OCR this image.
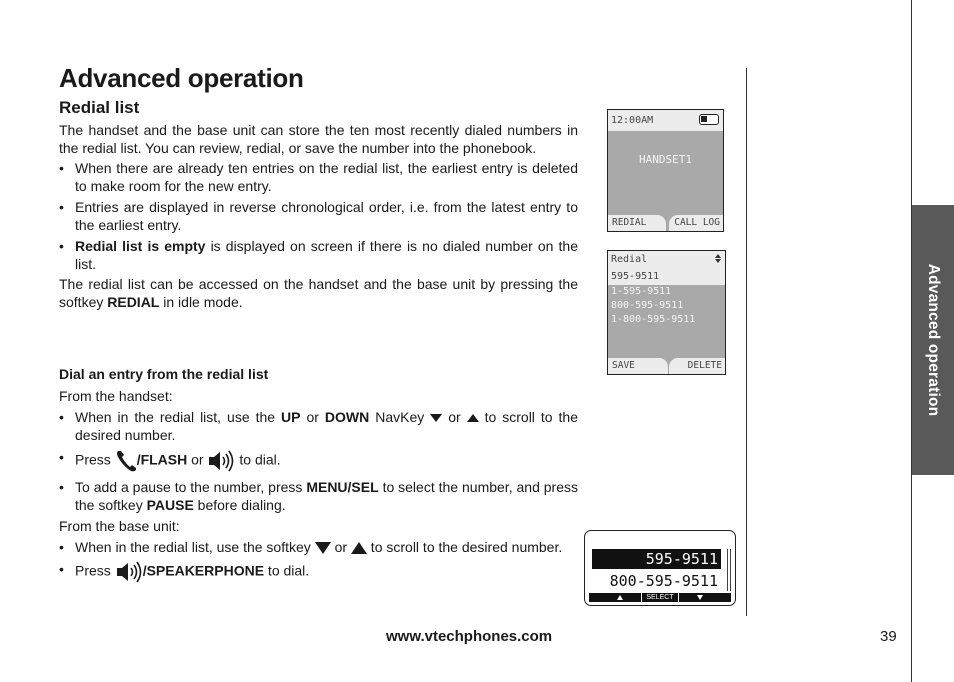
Advanced operation
Advanced operation
Redial list
The handset and the base unit can store the ten most recently dialed numbers in the redial list. You can review, redial, or save the number into the phonebook.
• When there are already ten entries on the redial list, the earliest entry is deleted to make room for the new entry.
• Entries are displayed in reverse chronological order, i.e. from the latest entry to the earliest entry.
• Redial list is empty is displayed on screen if there is no dialed number on the list.
The redial list can be accessed on the handset and the base unit by pressing the softkey REDIAL in idle mode.
Dial an entry from the redial list
From the handset:
• When in the redial list, use the UP or DOWN NavKey  or  to scroll to the desired number.
• Press /FLASH or  to dial.
• To add a pause to the number, press MENU/SEL to select the number, and press the softkey PAUSE before dialing.
From the base unit:
• When in the redial list, use the softkey  or  to scroll to the desired number.
• Press /SPEAKERPHONE to dial.
12:00AM
HANDSET1
REDIAL	CALL LOG
Redial
595-9511
1-595-9511
800-595-9511
1-800-595-9511
SAVE	DELETE
595-9511
800-595-9511
SELECT
www.vtechphones.com	39
